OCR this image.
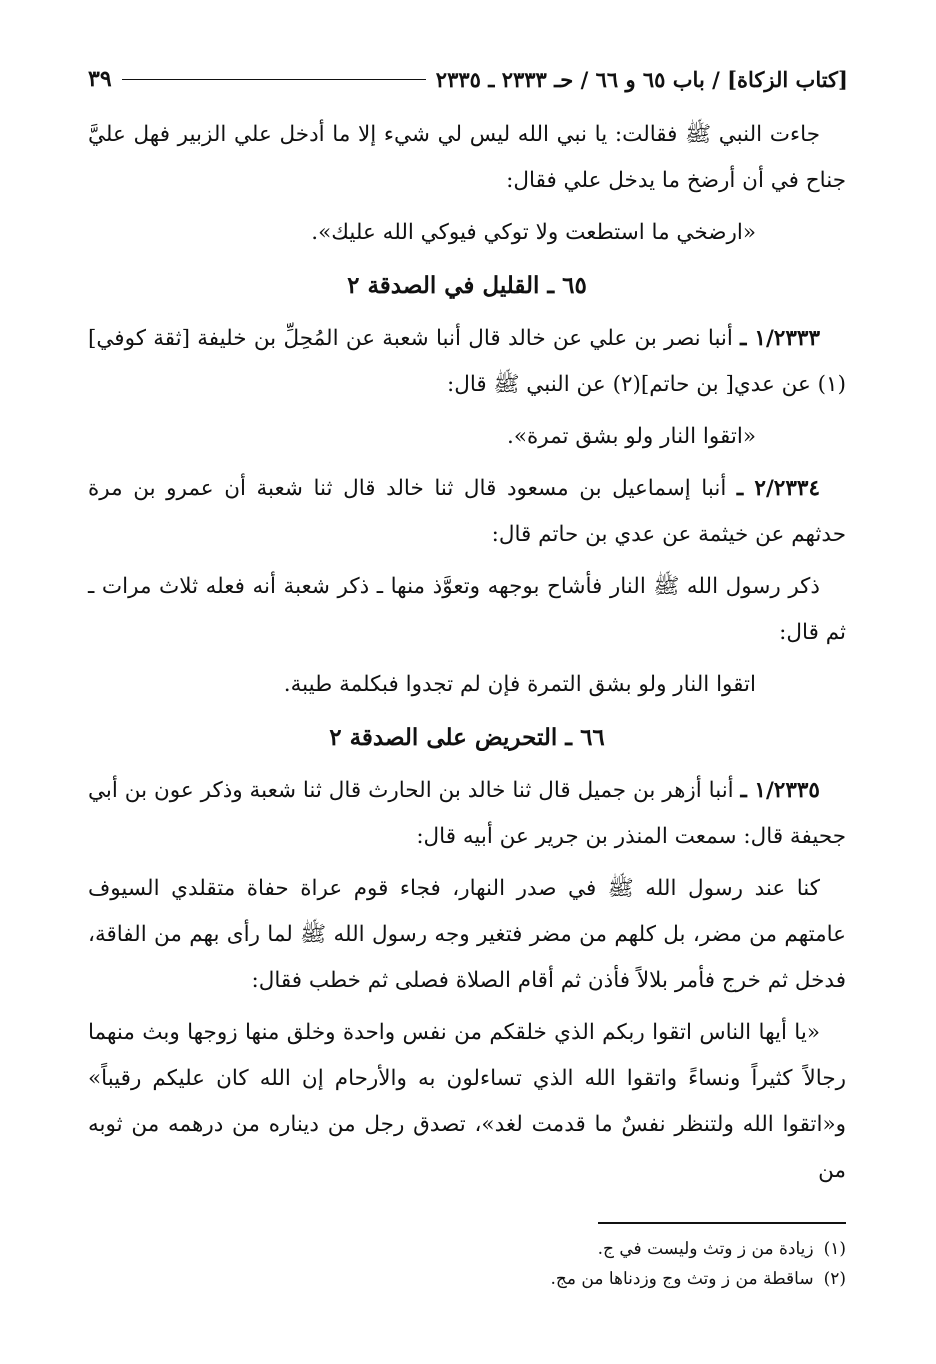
[كتاب الزكاة] / باب ٦٥ و ٦٦ / حـ ٢٣٣٣ ـ ٢٣٣٥
٣٩

جاءت النبي ﷺ فقالت: يا نبي الله ليس لي شيء إلا ما أدخل علي الزبير فهل عليَّ جناح في أن أرضخ ما يدخل علي فقال:

«ارضخي ما استطعت ولا توكي فيوكي الله عليك».

٦٥ ـ القليل في الصدقة ٢

١/٢٣٣٣ ـ أنبا نصر بن علي عن خالد قال أنبا شعبة عن المُحِلِّ بن خليفة [ثقة كوفي](١) عن عدي[ بن حاتم](٢) عن النبي ﷺ قال:

«اتقوا النار ولو بشق تمرة».

٢/٢٣٣٤ ـ أنبا إسماعيل بن مسعود قال ثنا خالد قال ثنا شعبة أن عمرو بن مرة حدثهم عن خيثمة عن عدي بن حاتم قال:

ذكر رسول الله ﷺ النار فأشاح بوجهه وتعوَّذ منها ـ ذكر شعبة أنه فعله ثلاث مرات ـ ثم قال:

اتقوا النار ولو بشق التمرة فإن لم تجدوا فبكلمة طيبة.

٦٦ ـ التحريض على الصدقة ٢

١/٢٣٣٥ ـ أنبا أزهر بن جميل قال ثنا خالد بن الحارث قال ثنا شعبة وذكر عون بن أبي جحيفة قال: سمعت المنذر بن جرير عن أبيه قال:

كنا عند رسول الله ﷺ في صدر النهار، فجاء قوم عراة حفاة متقلدي السيوف عامتهم من مضر، بل كلهم من مضر فتغير وجه رسول الله ﷺ لما رأى بهم من الفاقة، فدخل ثم خرج فأمر بلالاً فأذن ثم أقام الصلاة فصلى ثم خطب فقال:

«يا أيها الناس اتقوا ربكم الذي خلقكم من نفس واحدة وخلق منها زوجها وبث منهما رجالاً كثيراً ونساءً واتقوا الله الذي تساءلون به والأرحام إن الله كان عليكم رقيباً» و«اتقوا الله ولتنظر نفسٌ ما قدمت لغد»، تصدق رجل من ديناره من درهمه من ثوبه من

(١)زيادة من ز وتث وليست في ج.
(٢)ساقطة من ز وتث وج وزدناها من مج.
